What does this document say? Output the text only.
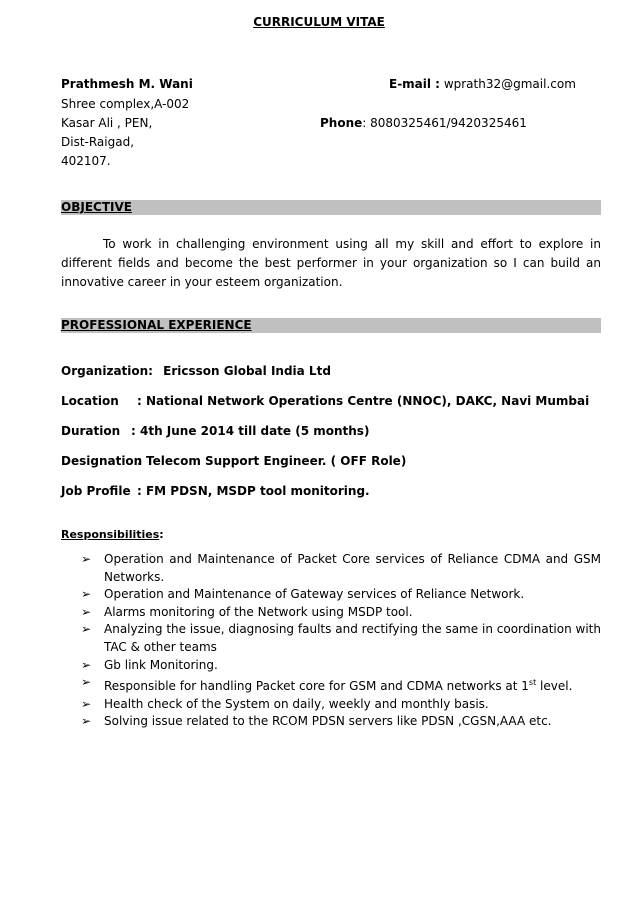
CURRICULUM VITAE
Prathmesh M. Wani
Shree complex,A-002
Kasar Ali , PEN,
Dist-Raigad,
402107.
E-mail : wprath32@gmail.com
Phone: 8080325461/9420325461
OBJECTIVE
To work in challenging environment using all my skill and effort to explore in different fields and become the best performer in your organization so I can build an innovative career in your esteem organization.
PROFESSIONAL EXPERIENCE
Organization: Ericsson Global India Ltd
Location : National Network Operations Centre (NNOC), DAKC, Navi Mumbai
Duration : 4th June 2014 till date (5 months)
Designation: Telecom Support Engineer. ( OFF Role)
Job Profile : FM PDSN, MSDP tool monitoring.
Responsibilities:
➢ Operation and Maintenance of Packet Core services of Reliance CDMA and GSM Networks.
➢ Operation and Maintenance of Gateway services of Reliance Network.
➢ Alarms monitoring of the Network using MSDP tool.
➢ Analyzing the issue, diagnosing faults and rectifying the same in coordination with TAC & other teams
➢ Gb link Monitoring.
➢ Responsible for handling Packet core for GSM and CDMA networks at 1st level.
➢ Health check of the System on daily, weekly and monthly basis.
➢ Solving issue related to the RCOM PDSN servers like PDSN ,CGSN,AAA etc.
